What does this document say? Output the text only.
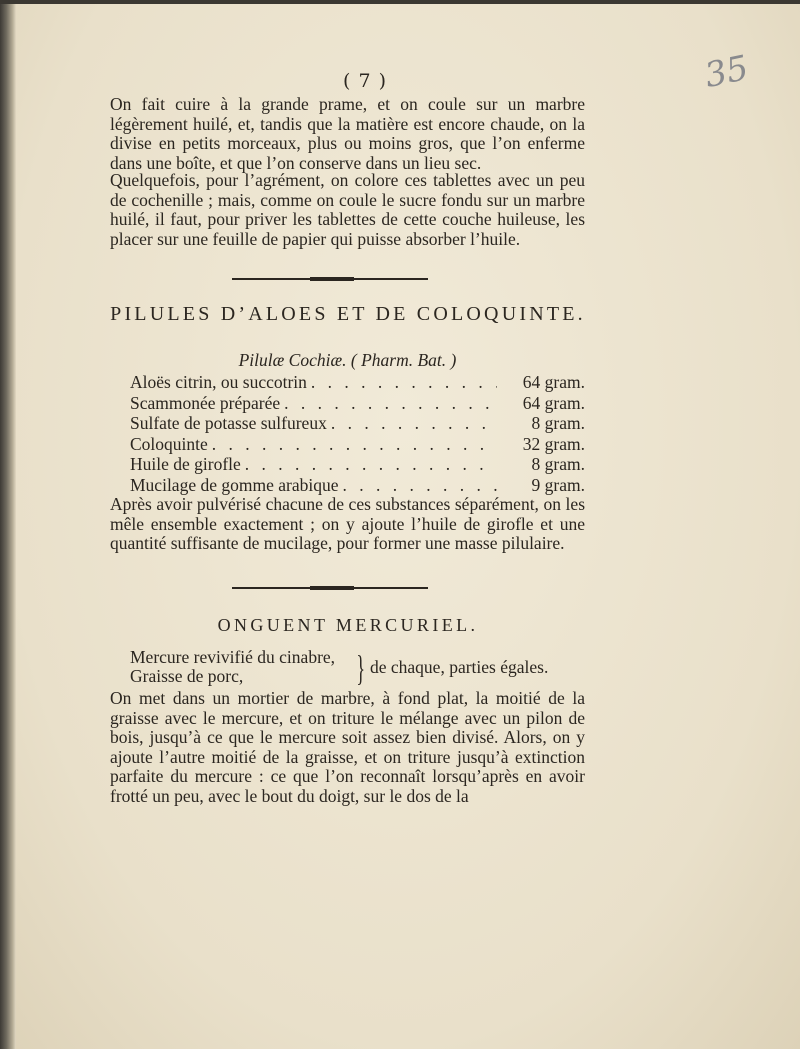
( 7 )	35
On fait cuire à la grande prame, et on coule sur un marbre légèrement huilé, et, tandis que la matière est encore chaude, on la divise en petits morceaux, plus ou moins gros, que l’on enferme dans une boîte, et que l’on conserve dans un lieu sec.
Quelquefois, pour l’agrément, on colore ces tablettes avec un peu de cochenille ; mais, comme on coule le sucre fondu sur un marbre huilé, il faut, pour priver les tablettes de cette couche huileuse, les placer sur une feuille de papier qui puisse absorber l’huile.
PILULES D’ALOES ET DE COLOQUINTE.
Pilulæ Cochiæ. ( Pharm. Bat. )
Aloës citrin, ou succotrin . . .	64 gram.
Scammonée préparée . . .	64 gram.
Sulfate de potasse sulfureux . . .	8 gram.
Coloquinte . . .	32 gram.
Huile de girofle . . .	8 gram.
Mucilage de gomme arabique . . .	9 gram.
Après avoir pulvérisé chacune de ces substances séparément, on les mêle ensemble exactement ; on y ajoute l’huile de girofle et une quantité suffisante de mucilage, pour former une masse pilulaire.
ONGUENT MERCURIEL.
Mercure revivifié du cinabre,
Graisse de porc,	} de chaque, parties égales.
On met dans un mortier de marbre, à fond plat, la moitié de la graisse avec le mercure, et on triture le mélange avec un pilon de bois, jusqu’à ce que le mercure soit assez bien divisé. Alors, on y ajoute l’autre moitié de la graisse, et on triture jusqu’à extinction parfaite du mercure : ce que l’on reconnaît lorsqu’après en avoir frotté un peu, avec le bout du doigt, sur le dos de la
